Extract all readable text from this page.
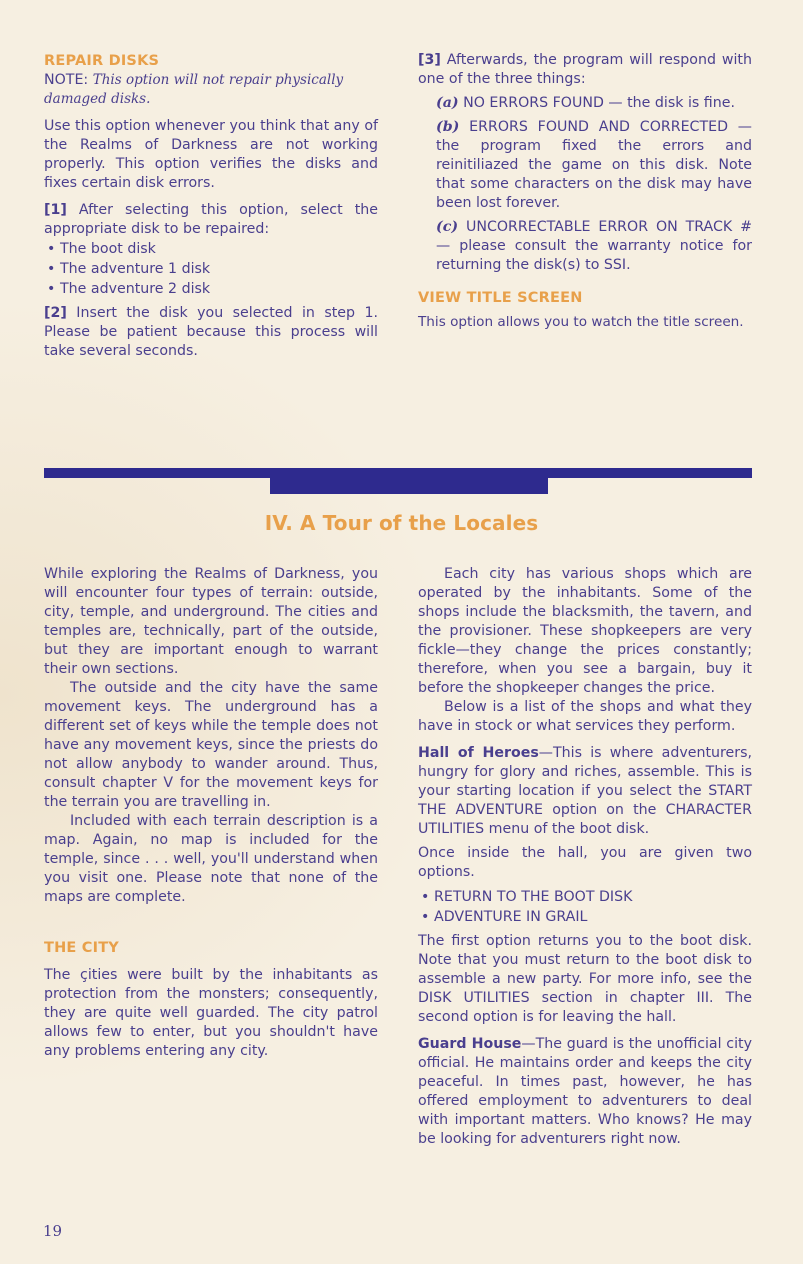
REPAIR DISKS

NOTE: This option will not repair physically damaged disks.

Use this option whenever you think that any of the Realms of Darkness are not working properly. This option verifies the disks and fixes certain disk errors.

[1] After selecting this option, select the appropriate disk to be repaired:

• The boot disk
• The adventure 1 disk
• The adventure 2 disk

[2] Insert the disk you selected in step 1. Please be patient because this process will take several seconds.

[3] Afterwards, the program will respond with one of the three things:

(a) NO ERRORS FOUND — the disk is fine.

(b) ERRORS FOUND AND CORRECTED — the program fixed the errors and reinitiliazed the game on this disk. Note that some characters on the disk may have been lost forever.

(c) UNCORRECTABLE ERROR ON TRACK # — please consult the warranty notice for returning the disk(s) to SSI.

VIEW TITLE SCREEN

This option allows you to watch the title screen.

IV. A Tour of the Locales

While exploring the Realms of Darkness, you will encounter four types of terrain: outside, city, temple, and underground. The cities and temples are, technically, part of the outside, but they are important enough to warrant their own sections.

The outside and the city have the same movement keys. The underground has a different set of keys while the temple does not have any movement keys, since the priests do not allow anybody to wander around. Thus, consult chapter V for the movement keys for the terrain you are travelling in.

Included with each terrain description is a map. Again, no map is included for the temple, since . . . well, you'll understand when you visit one. Please note that none of the maps are complete.

THE CITY

The çities were built by the inhabitants as protection from the monsters; consequently, they are quite well guarded. The city patrol allows few to enter, but you shouldn't have any problems entering any city.

Each city has various shops which are operated by the inhabitants. Some of the shops include the blacksmith, the tavern, and the provisioner. These shopkeepers are very fickle—they change the prices constantly; therefore, when you see a bargain, buy it before the shopkeeper changes the price.

Below is a list of the shops and what they have in stock or what services they perform.

Hall of Heroes—This is where adventurers, hungry for glory and riches, assemble. This is your starting location if you select the START THE ADVENTURE option on the CHARACTER UTILITIES menu of the boot disk.

Once inside the hall, you are given two options.

• RETURN TO THE BOOT DISK
• ADVENTURE IN GRAIL

The first option returns you to the boot disk. Note that you must return to the boot disk to assemble a new party. For more info, see the DISK UTILITIES section in chapter III. The second option is for leaving the hall.

Guard House—The guard is the unofficial city official. He maintains order and keeps the city peaceful. In times past, however, he has offered employment to adventurers to deal with important matters. Who knows? He may be looking for adventurers right now.

19
